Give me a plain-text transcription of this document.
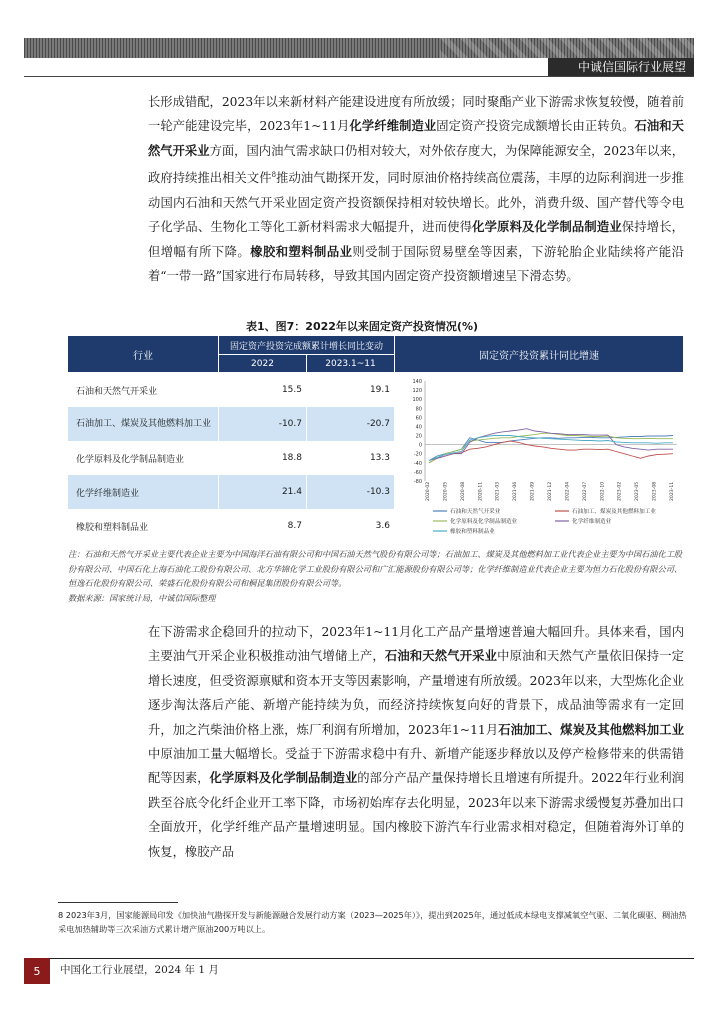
中诚信国际行业展望

长形成错配，2023年以来新材料产能建设进度有所放缓；同时聚酯产业下游需求恢复较慢，随着前一轮产能建设完毕，2023年1~11月化学纤维制造业固定资产投资完成额增长由正转负。石油和天然气开采业方面，国内油气需求缺口仍相对较大，对外依存度大，为保障能源安全，2023年以来，政府持续推出相关文件$^8$推动油气勘探开发，同时原油价格持续高位震荡，丰厚的边际利润进一步推动国内石油和天然气开采业固定资产投资额保持相对较快增长。此外，消费升级、国产替代等令电子化学品、生物化工等化工新材料需求大幅提升，进而使得化学原料及化学制品制造业保持增长，但增幅有所下降。橡胶和塑料制品业则受制于国际贸易壁垒等因素，下游轮胎企业陆续将产能沿着“一带一路”国家进行布局转移，导致其国内固定资产投资额增速呈下滑态势。

表1、图7：2022年以来固定资产投资情况(%)
行业
固定资产投资完成额累计增长同比变动
2022	2023.1~11
固定资产投资累计同比增速
石油和天然气开采业	15.5	19.1
石油加工、煤炭及其他燃料加工业	-10.7	-20.7
化学原料及化学制品制造业	18.8	13.3
化学纤维制造业	21.4	-10.3
橡胶和塑料制品业	8.7	3.6
140
120
100
80
60
40
20
0
-20
-40
-60
-80 2020-02	2020-05	2020-08	2020-11	2021-03	2021-06	2021-09	2021-12	2022-04	2022-07	2022-10	2023-02	2023-05	2023-08	2023-11
石油和天然气开采业	石油加工、煤炭及其他燃料加工业
化学原料及化学制品制造业	化学纤维制造业
橡胶和塑料制品业

注：石油和天然气开采业主要代表企业主要为中国海洋石油有限公司和中国石油天然气股份有限公司等；石油加工、煤炭及其他燃料加工业代表企业主要为中国石油化工股份有限公司、中国石化上海石油化工股份有限公司、北方华锦化学工业股份有限公司和广汇能源股份有限公司等；化学纤维制造业代表企业主要为恒力石化股份有限公司、恒逸石化股份有限公司、荣盛石化股份有限公司和桐昆集团股份有限公司等。

数据来源：国家统计局，中诚信国际整理

在下游需求企稳回升的拉动下，2023年1~11月化工产品产量增速普遍大幅回升。具体来看，国内主要油气开采企业积极推动油气增储上产，石油和天然气开采业中原油和天然气产量依旧保持一定增长速度，但受资源禀赋和资本开支等因素影响，产量增速有所放缓。2023年以来，大型炼化企业逐步淘汰落后产能、新增产能持续为负，而经济持续恢复向好的背景下，成品油等需求有一定回升，加之汽柴油价格上涨，炼厂利润有所增加，2023年1~11月石油加工、煤炭及其他燃料加工业中原油加工量大幅增长。受益于下游需求稳中有升、新增产能逐步释放以及停产检修带来的供需错配等因素，化学原料及化学制品制造业的部分产品产量保持增长且增速有所提升。2022年行业利润跌至谷底令化纤企业开工率下降，市场初始库存去化明显，2023年以来下游需求缓慢复苏叠加出口全面放开，化学纤维产品产量增速明显。国内橡胶下游汽车行业需求相对稳定，但随着海外订单的恢复，橡胶产品

8 2023年3月，国家能源局印发《加快油气勘探开发与新能源融合发展行动方案（2023—2025年）》，提出到2025年，通过低成本绿电支撑减氧空气驱、二氧化碳驱、稠油热采电加热辅助等三次采油方式累计增产原油200万吨以上。

5	中国化工行业展望，2024 年 1 月
